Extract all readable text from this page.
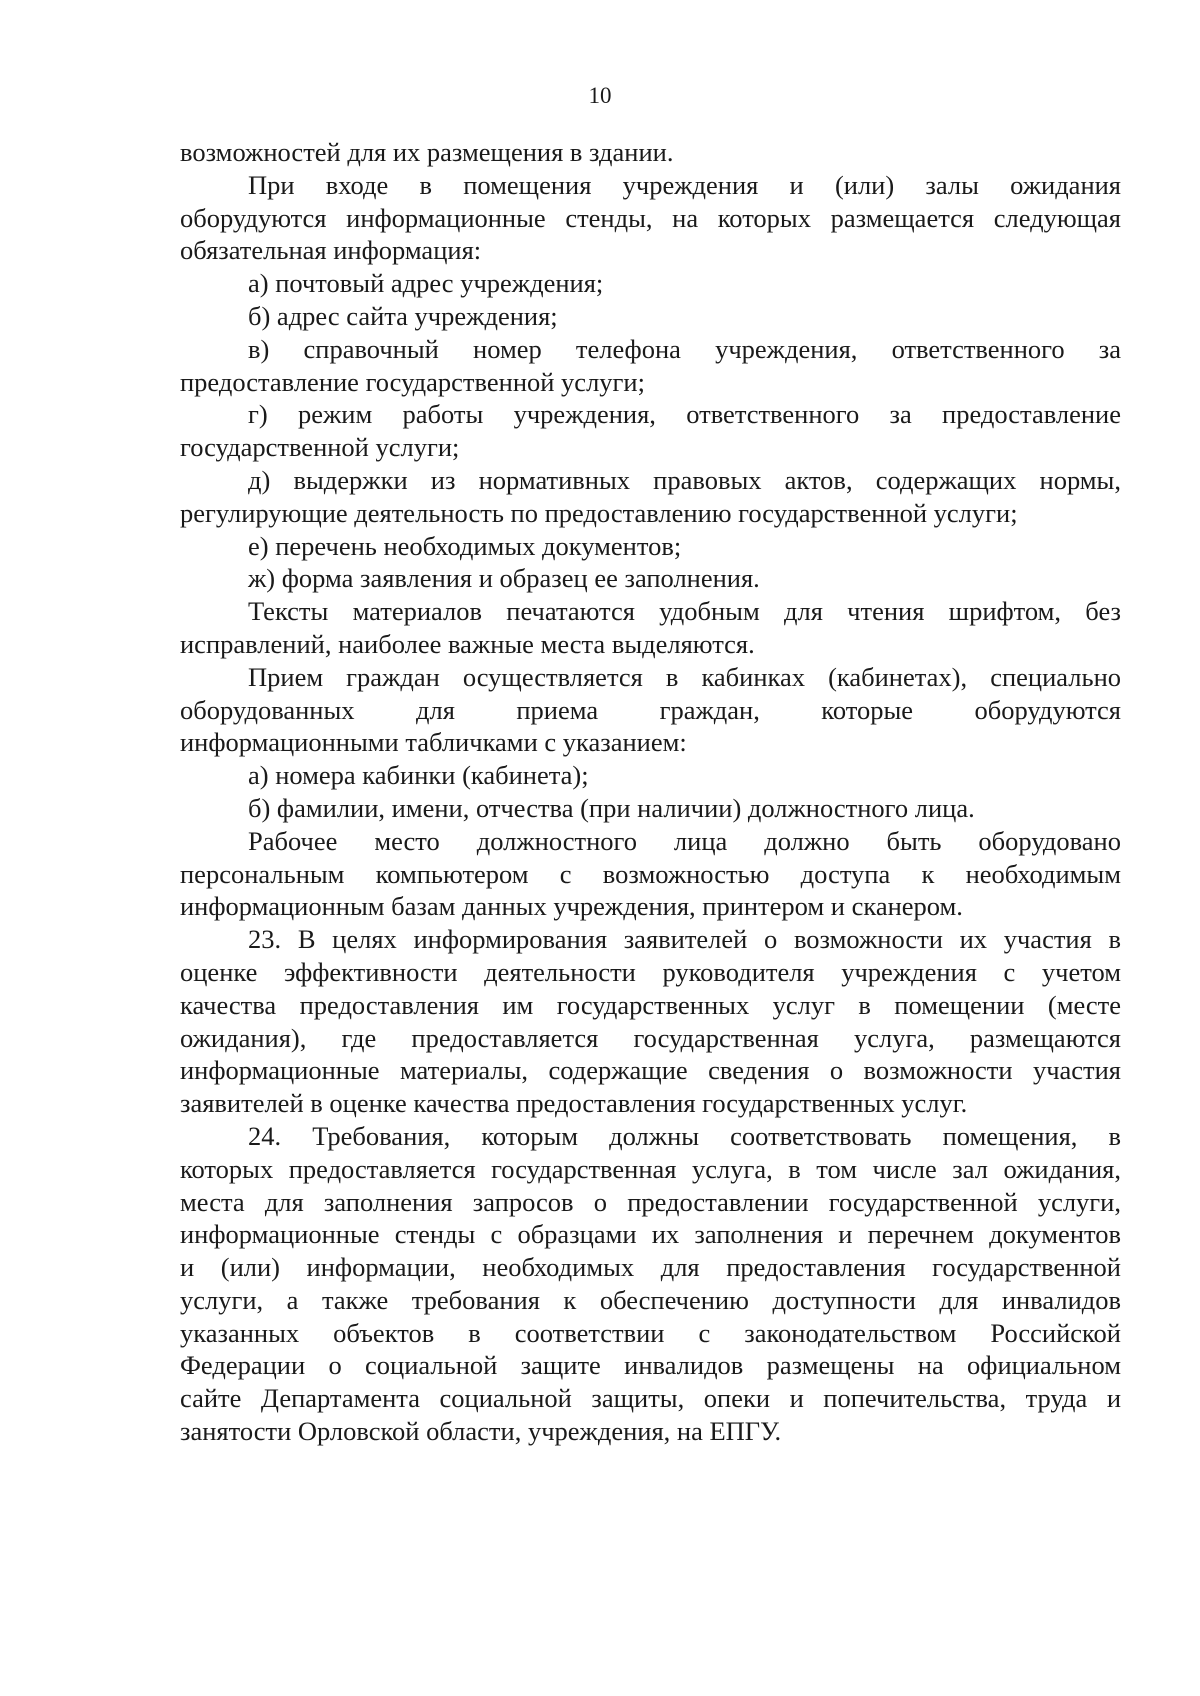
10
возможностей для их размещения в здании.
При входе в помещения учреждения и (или) залы ожидания
оборудуются информационные стенды, на которых размещается следующая
обязательная информация:
а) почтовый адрес учреждения;
б) адрес сайта учреждения;
в) справочный номер телефона учреждения, ответственного за
предоставление государственной услуги;
г) режим работы учреждения, ответственного за предоставление
государственной услуги;
д) выдержки из нормативных правовых актов, содержащих нормы,
регулирующие деятельность по предоставлению государственной услуги;
е) перечень необходимых документов;
ж) форма заявления и образец ее заполнения.
Тексты материалов печатаются удобным для чтения шрифтом, без
исправлений, наиболее важные места выделяются.
Прием граждан осуществляется в кабинках (кабинетах), специально
оборудованных для приема граждан, которые оборудуются
информационными табличками с указанием:
а) номера кабинки (кабинета);
б) фамилии, имени, отчества (при наличии) должностного лица.
Рабочее место должностного лица должно быть оборудовано
персональным компьютером с возможностью доступа к необходимым
информационным базам данных учреждения, принтером и сканером.
23. В целях информирования заявителей о возможности их участия в
оценке эффективности деятельности руководителя учреждения с учетом
качества предоставления им государственных услуг в помещении (месте
ожидания), где предоставляется государственная услуга, размещаются
информационные материалы, содержащие сведения о возможности участия
заявителей в оценке качества предоставления государственных услуг.
24. Требования, которым должны соответствовать помещения, в
которых предоставляется государственная услуга, в том числе зал ожидания,
места для заполнения запросов о предоставлении государственной услуги,
информационные стенды с образцами их заполнения и перечнем документов
и (или) информации, необходимых для предоставления государственной
услуги, а также требования к обеспечению доступности для инвалидов
указанных объектов в соответствии с законодательством Российской
Федерации о социальной защите инвалидов размещены на официальном
сайте Департамента социальной защиты, опеки и попечительства, труда и
занятости Орловской области, учреждения, на ЕПГУ.
